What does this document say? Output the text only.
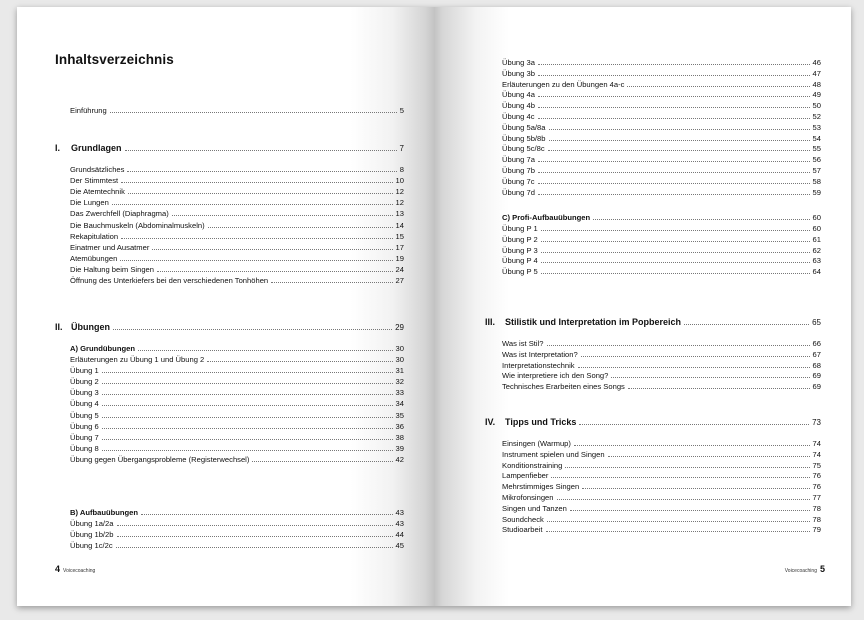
Inhaltsverzeichnis
Einführung	5
I.	Grundlagen	7
Grundsätzliches	8
Der Stimmtest	10
Die Atemtechnik	12
Die Lungen	12
Das Zwerchfell (Diaphragma)	13
Die Bauchmuskeln (Abdominalmuskeln)	14
Rekapitulation	15
Einatmer und Ausatmer	17
Atemübungen	19
Die Haltung beim Singen	24
Öffnung des Unterkiefers bei den verschiedenen Tonhöhen	27
II. Übungen	29
A) Grundübungen	30
Erläuterungen zu Übung 1 und Übung 2	30
Übung 1	31
Übung 2	32
Übung 3	33
Übung 4	34
Übung 5	35
Übung 6	36
Übung 7	38
Übung 8	39
Übung gegen Übergangsprobleme (Registerwechsel)	42
B) Aufbauübungen	43
Übung 1a/2a	43
Übung 1b/2b	44
Übung 1c/2c	45
4 Voicecoaching
Übung 3a	46
Übung 3b	47
Erläuterungen zu den Übungen 4a-c	48
Übung 4a	49
Übung 4b	50
Übung 4c	52
Übung 5a/8a	53
Übung 5b/8b	54
Übung 5c/8c	55
Übung 7a	56
Übung 7b	57
Übung 7c	58
Übung 7d	59
C) Profi-Aufbauübungen	60
Übung P 1	60
Übung P 2	61
Übung P 3	62
Übung P 4	63
Übung P 5	64
III.	Stilistik und Interpretation im Popbereich	65
Was ist Stil?	66
Was ist Interpretation?	67
Interpretationstechnik	68
Wie interpretiere ich den Song?	69
Technisches Erarbeiten eines Songs	69
IV.	Tipps und Tricks	73
Einsingen (Warmup)	74
Instrument spielen und Singen	74
Konditionstraining	75
Lampenfieber	76
Mehrstimmiges Singen	76
Mikrofonsingen	77
Singen und Tanzen	78
Soundcheck	78
Studioarbeit	79
Voicecoaching 5
